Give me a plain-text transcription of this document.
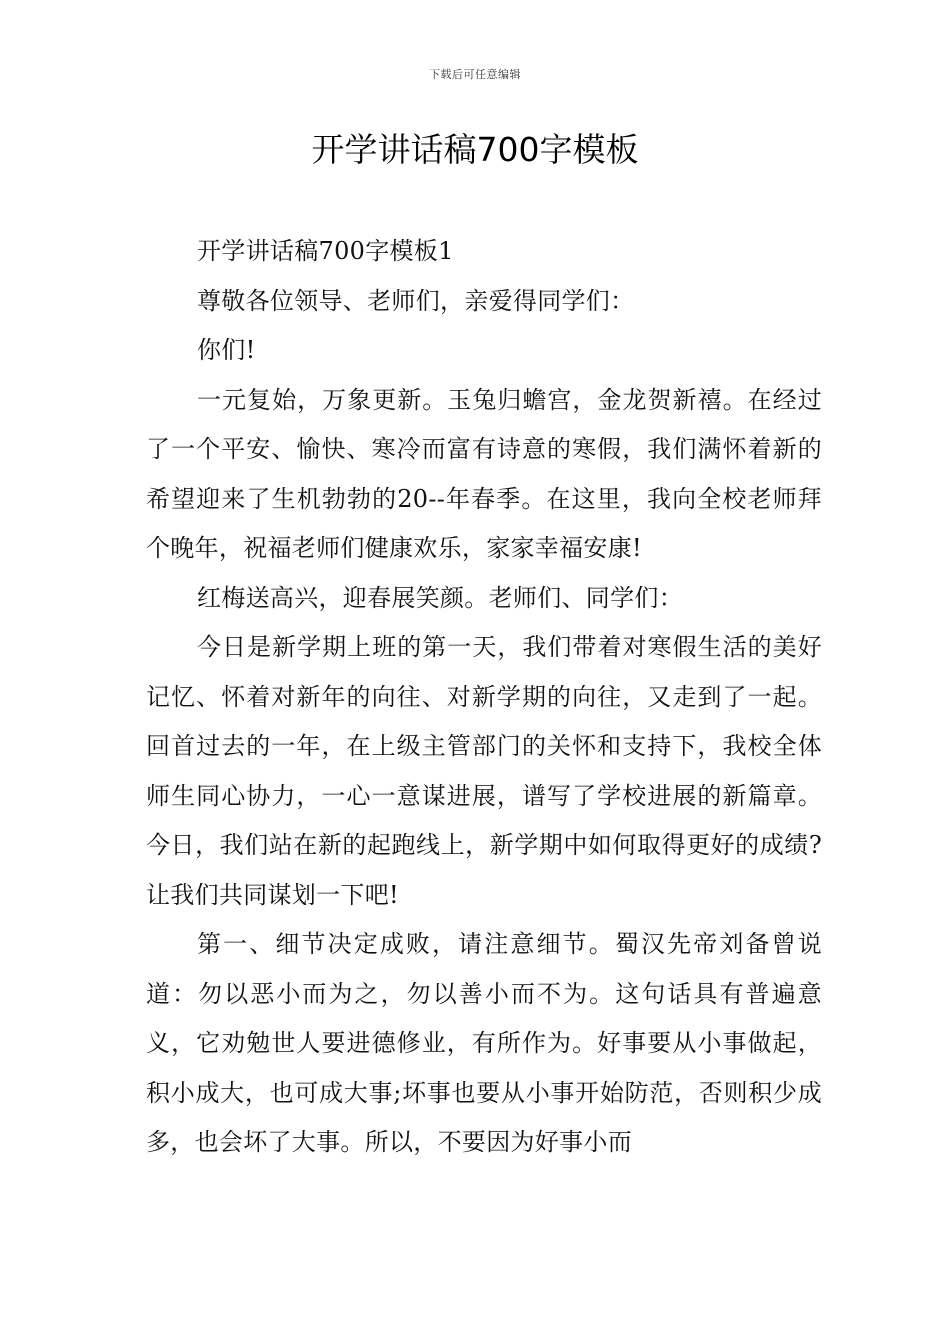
下载后可任意编辑
开学讲话稿700字模板

开学讲话稿700字模板1

尊敬各位领导、老师们，亲爱得同学们：

你们!

一元复始，万象更新。玉兔归蟾宫，金龙贺新禧。在经过了一个平安、愉快、寒冷而富有诗意的寒假，我们满怀着新的希望迎来了生机勃勃的20--年春季。在这里，我向全校老师拜个晚年，祝福老师们健康欢乐，家家幸福安康!

红梅送高兴，迎春展笑颜。老师们、同学们：

今日是新学期上班的第一天，我们带着对寒假生活的美好记忆、怀着对新年的向往、对新学期的向往，又走到了一起。回首过去的一年，在上级主管部门的关怀和支持下，我校全体师生同心协力，一心一意谋进展，谱写了学校进展的新篇章。今日，我们站在新的起跑线上，新学期中如何取得更好的成绩?让我们共同谋划一下吧!

第一、细节决定成败，请注意细节。蜀汉先帝刘备曾说道：勿以恶小而为之，勿以善小而不为。这句话具有普遍意义，它劝勉世人要进德修业，有所作为。好事要从小事做起，积小成大，也可成大事;坏事也要从小事开始防范，否则积少成多，也会坏了大事。所以，不要因为好事小而
